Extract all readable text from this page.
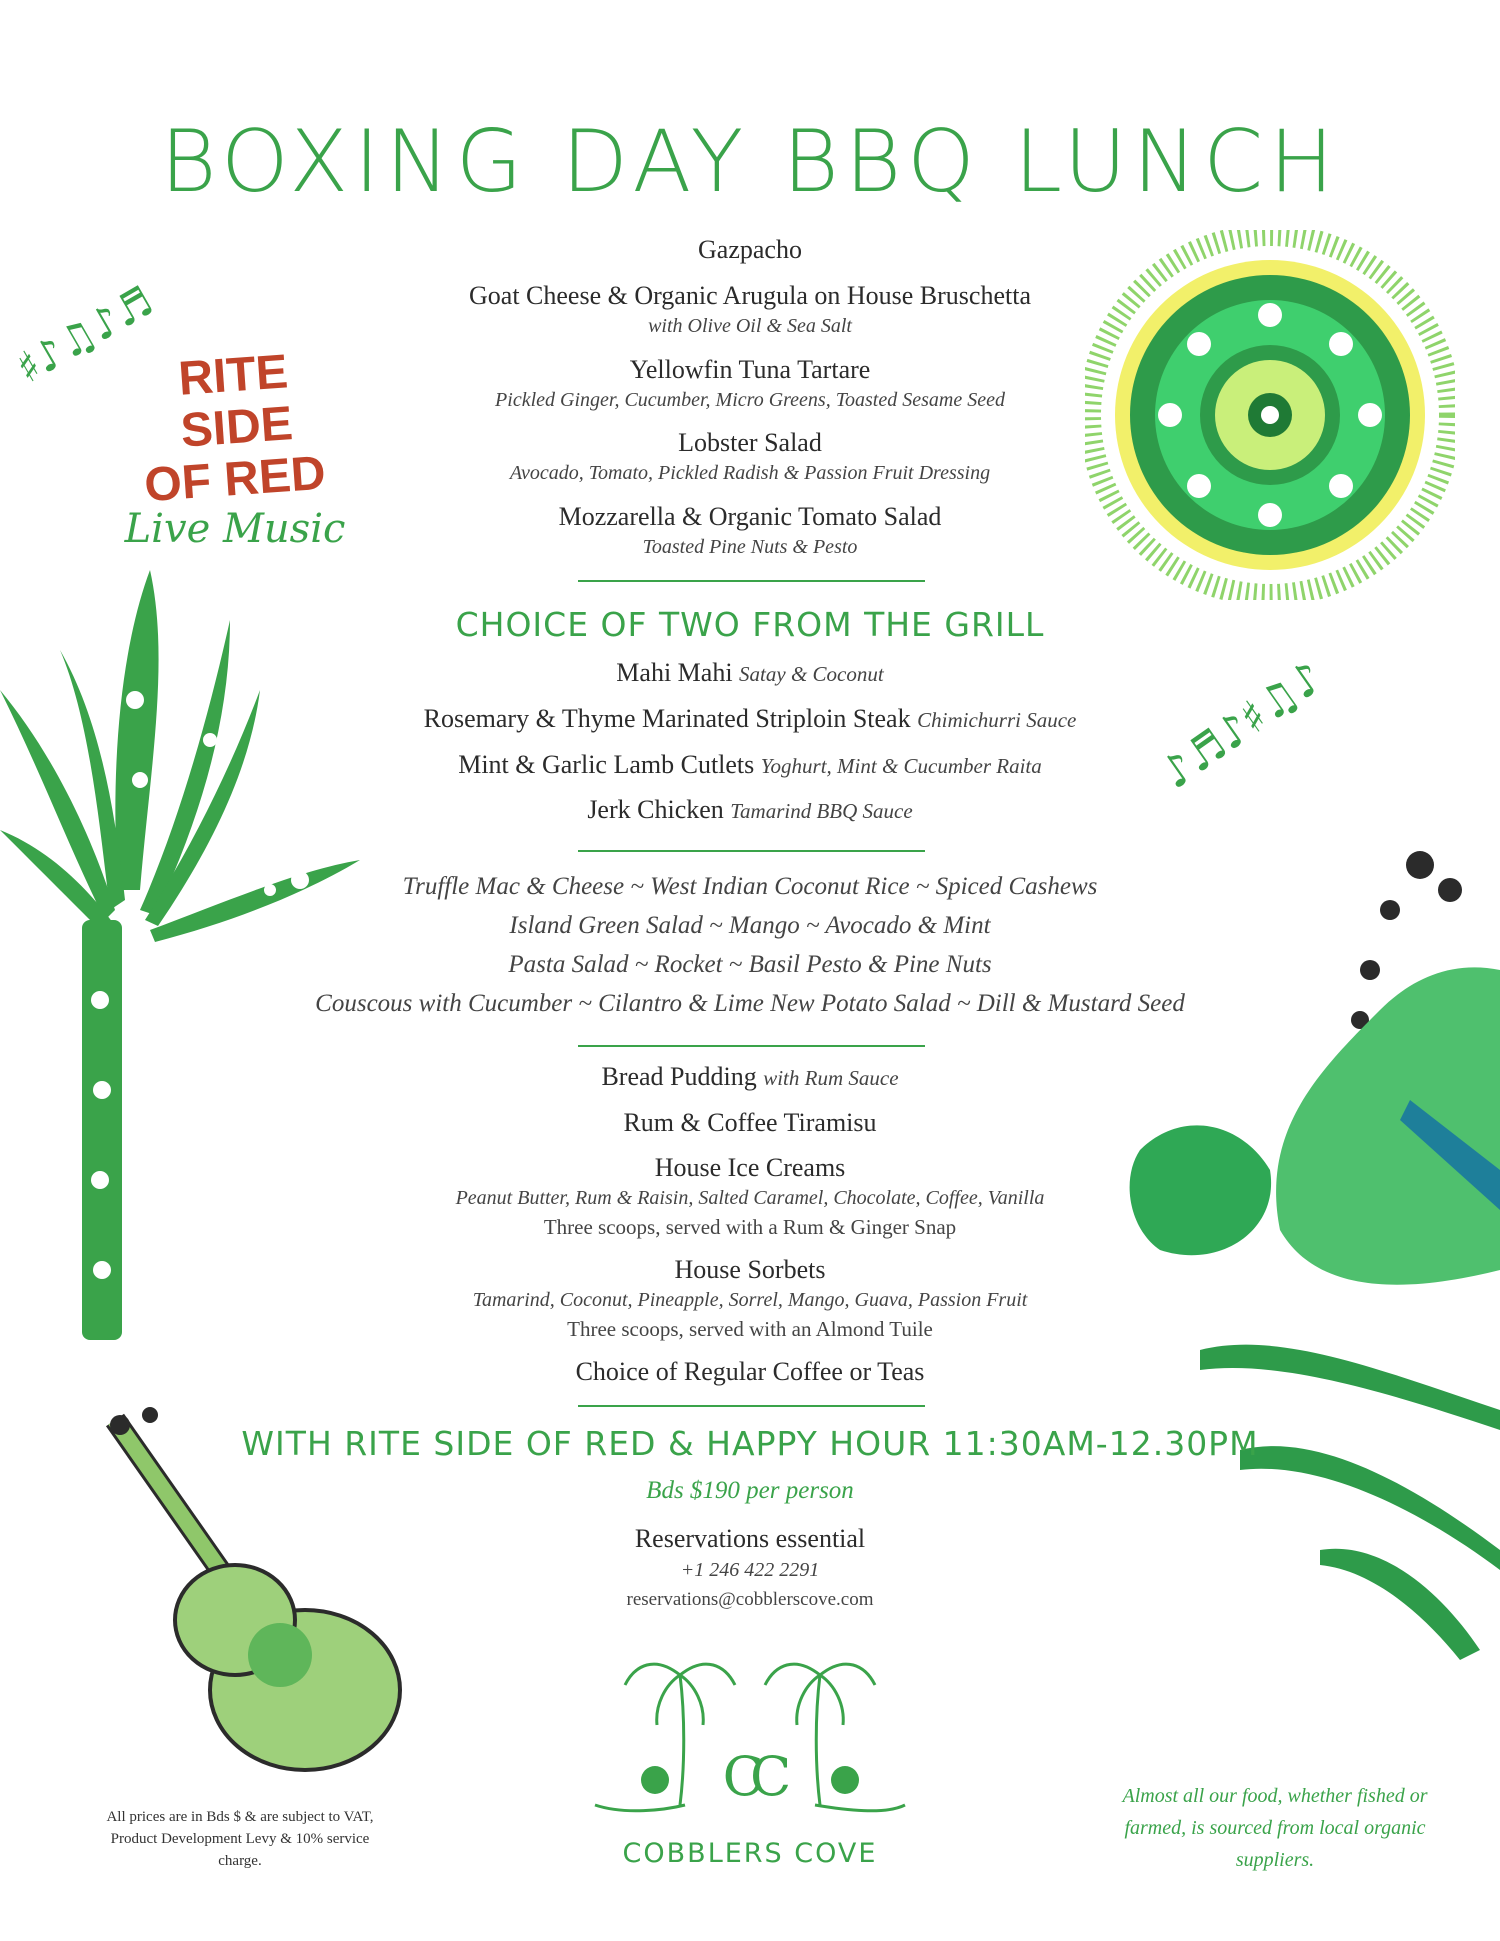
BOXING DAY BBQ LUNCH
RITE SIDE
OF RED
Live Music
♯♪♫♪♬
♪♬♪♯♫♪
Gazpacho
Goat Cheese & Organic Arugula on House Bruschetta
with Olive Oil & Sea Salt
Yellowfin Tuna Tartare
Pickled Ginger, Cucumber, Micro Greens, Toasted Sesame Seed
Lobster Salad
Avocado, Tomato, Pickled Radish & Passion Fruit Dressing
Mozzarella & Organic Tomato Salad
Toasted Pine Nuts & Pesto
CHOICE OF TWO FROM THE GRILL
Mahi Mahi Satay & Coconut
Rosemary & Thyme Marinated Striploin Steak Chimichurri Sauce
Mint & Garlic Lamb Cutlets Yoghurt, Mint & Cucumber Raita
Jerk Chicken Tamarind BBQ Sauce
Truffle Mac & Cheese ~ West Indian Coconut Rice ~ Spiced Cashews
Island Green Salad ~ Mango ~ Avocado & Mint
Pasta Salad ~ Rocket ~ Basil Pesto & Pine Nuts
Couscous with Cucumber ~ Cilantro & Lime New Potato Salad ~ Dill & Mustard Seed
Bread Pudding with Rum Sauce
Rum & Coffee Tiramisu
House Ice Creams
Peanut Butter, Rum & Raisin, Salted Caramel, Chocolate, Coffee, Vanilla
Three scoops, served with a Rum & Ginger Snap
House Sorbets
Tamarind, Coconut, Pineapple, Sorrel, Mango, Guava, Passion Fruit
Three scoops, served with an Almond Tuile
Choice of Regular Coffee or Teas
WITH RITE SIDE OF RED & HAPPY HOUR 11:30AM-12.30PM
Bds $190 per person
Reservations essential
+1 246 422 2291
reservations@cobblerscove.com
CC
COBBLERS COVE
All prices are in Bds $ & are subject to VAT, Product Development Levy & 10% service charge.
Almost all our food, whether fished or farmed, is sourced from local organic suppliers.
